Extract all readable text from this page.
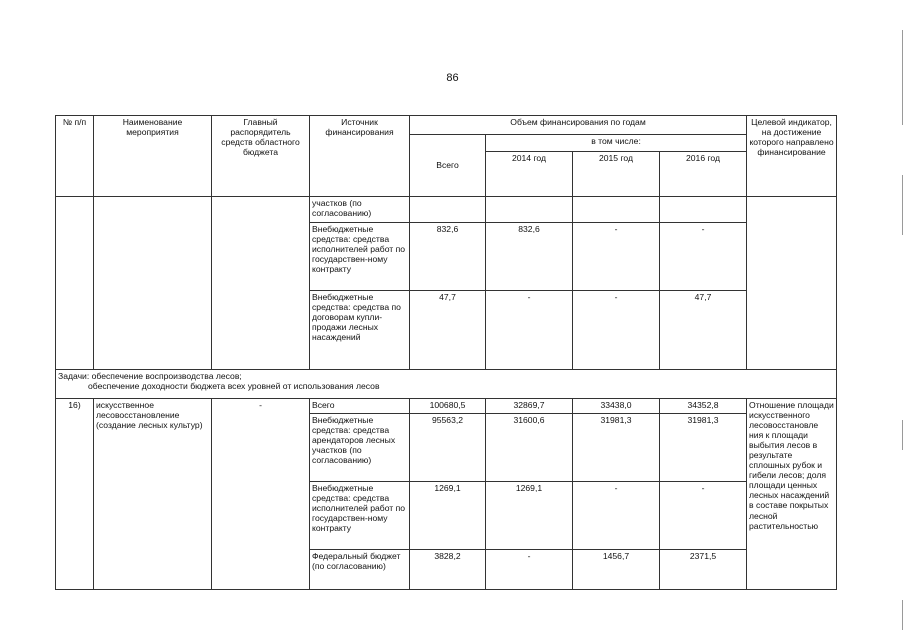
86
№ п/п	Наименование мероприятия	Главный распорядитель средств областного бюджета	Источник финансирования	Объем финансирования по годам				Целевой индикатор, на достижение которого направлено финансирование
				Всего	в том числе:			
					2014 год	2015 год	2016 год	
			участков (по согласованию)					
			Внебюджетные средства: средства исполнителей работ по государствен-ному контракту	832,6	832,6	-	-	
			Внебюджетные средства: средства по договорам купли-продажи лесных насаждений	47,7	-	-	47,7	

Задачи: обеспечение воспроизводства лесов;
обеспечение доходности бюджета всех уровней от использования лесов								

16)	искусственное лесовосстановление (создание лесных культур)	-	Всего	100680,5	32869,7	33438,0	34352,8	Отношение площади искусственного лесовосстановле ния к площади выбытия лесов в результате сплошных рубок и гибели лесов; доля площади ценных лесных насаждений в составе покрытых лесной растительностью
			Внебюджетные средства: средства арендаторов лесных участков (по согласованию)	95563,2	31600,6	31981,3	31981,3	
			Внебюджетные средства: средства исполнителей работ по государствен-ному контракту	1269,1	1269,1	-	-	
			Федеральный бюджет (по согласованию)	3828,2	-	1456,7	2371,5	
